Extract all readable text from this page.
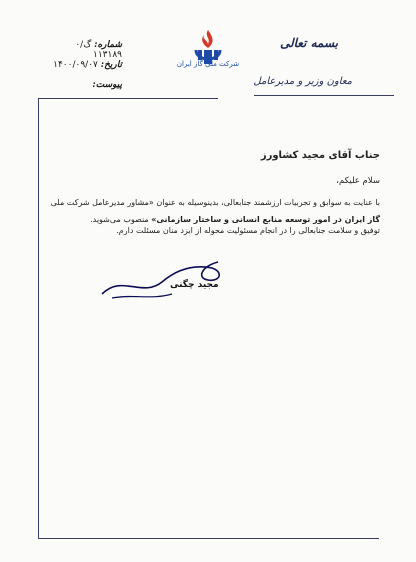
شرکت ملی گاز ایران
بسمه تعالی
معاون وزیر و مدیرعامل
شماره: گ/۰ ۱۱۳۱۸۹
تاریخ: ۱۴۰۰/۰۹/۰۷
پیوست:
جناب آقای مجید کشاورز
سلام علیکم،
با عنایت به سوابق و تجربیات ارزشمند جنابعالی، بدینوسیله به عنوان «مشاور مدیرعامل شرکت ملی گاز ایران در امور توسعه منابع انسانی و ساختار سازمانی» منصوب می‌شوید.
توفیق و سلامت جنابعالی را در انجام مسئولیت محوله از ایزد منان مسئلت دارم.
مجید چگنی
